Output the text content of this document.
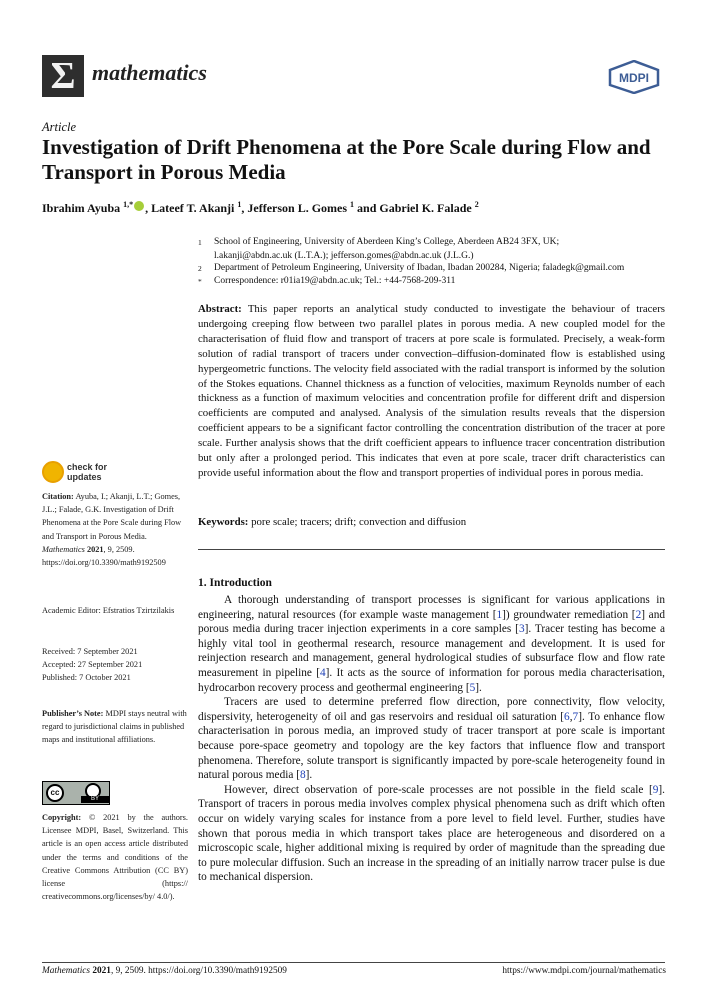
Σ mathematics	MDPI
Article
Investigation of Drift Phenomena at the Pore Scale during Flow and Transport in Porous Media
Ibrahim Ayuba $^{1,*}$ , Lateef T. Akanji $^1$, Jefferson L. Gomes $^1$ and Gabriel K. Falade $^2$
1 School of Engineering, University of Aberdeen King’s College, Aberdeen AB24 3FX, UK;
l.akanji@abdn.ac.uk (L.T.A.); jefferson.gomes@abdn.ac.uk (J.L.G.)
2 Department of Petroleum Engineering, University of Ibadan, Ibadan 200284, Nigeria; faladegk@gmail.com
* Correspondence: r01ia19@abdn.ac.uk; Tel.: +44-7568-209-311
Abstract: This paper reports an analytical study conducted to investigate the behaviour of tracers undergoing creeping flow between two parallel plates in porous media. A new coupled model for the characterisation of fluid flow and transport of tracers at pore scale is formulated. Precisely, a weak-form solution of radial transport of tracers under convection–diffusion-dominated flow is established using hypergeometric functions. The velocity field associated with the radial transport is informed by the solution of the Stokes equations. Channel thickness as a function of velocities, maximum Reynolds number of each thickness as a function of maximum velocities and concentration profile for different drift and dispersion coefficients are computed and analysed. Analysis of the simulation results reveals that the dispersion coefficient appears to be a significant factor controlling the concentration distribution of the tracer at pore scale. Further analysis shows that the drift coefficient appears to influence tracer concentration distribution but only after a prolonged period. This indicates that even at pore scale, tracer drift characteristics can provide useful information about the flow and transport properties of individual pores in porous media.
Keywords: pore scale; tracers; drift; convection and diffusion
check for
updates
Citation: Ayuba, I.; Akanji, L.T.; Gomes, J.L.; Falade, G.K. Investigation of Drift Phenomena at the Pore Scale during Flow and Transport in Porous Media. Mathematics 2021, 9, 2509. https://doi.org/10.3390/math9192509
Academic Editor: Efstratios Tzirtzilakis
Received: 7 September 2021
Accepted: 27 September 2021
Published: 7 October 2021
Publisher’s Note: MDPI stays neutral with regard to jurisdictional claims in published maps and institutional affiliations.
cc
BY
Copyright: © 2021 by the authors. Licensee MDPI, Basel, Switzerland. This article is an open access article distributed under the terms and conditions of the Creative Commons Attribution (CC BY) license (https:// creativecommons.org/licenses/by/ 4.0/).
1. Introduction

A thorough understanding of transport processes is significant for various applications in engineering, natural resources (for example waste management [1]) groundwater remediation [2] and porous media during tracer injection experiments in a core samples [3]. Tracer testing has become a highly vital tool in geothermal research, resource management and development. It is used for reinjection research and management, general hydrological studies of subsurface flow and flow rate measurement in pipeline [4]. It acts as the source of information for porous media characterisation, hydrocarbon recovery process and geothermal engineering [5].

Tracers are used to determine preferred flow direction, pore connectivity, flow velocity, dispersivity, heterogeneity of oil and gas reservoirs and residual oil saturation [6,7]. To enhance flow characterisation in porous media, an improved study of tracer transport at pore scale is important because pore-space geometry and topology are the key factors that influence flow and transport phenomena. Therefore, solute transport is significantly impacted by pore-scale heterogeneity found in natural porous media [8].

However, direct observation of pore-scale processes are not possible in the field scale [9]. Transport of tracers in porous media involves complex physical phenomena such as drift which often occur on widely varying scales for instance from a pore level to field level. Further, studies have shown that porous media in which transport takes place are heterogeneous and disordered on a microscopic scale, higher additional mixing is required by order of magnitude than the spreading due to pure molecular diffusion. Such an increase in the spreading of an initially narrow tracer pulse is due to mechanical dispersion.

Mathematics 2021, 9, 2509. https://doi.org/10.3390/math9192509	https://www.mdpi.com/journal/mathematics
